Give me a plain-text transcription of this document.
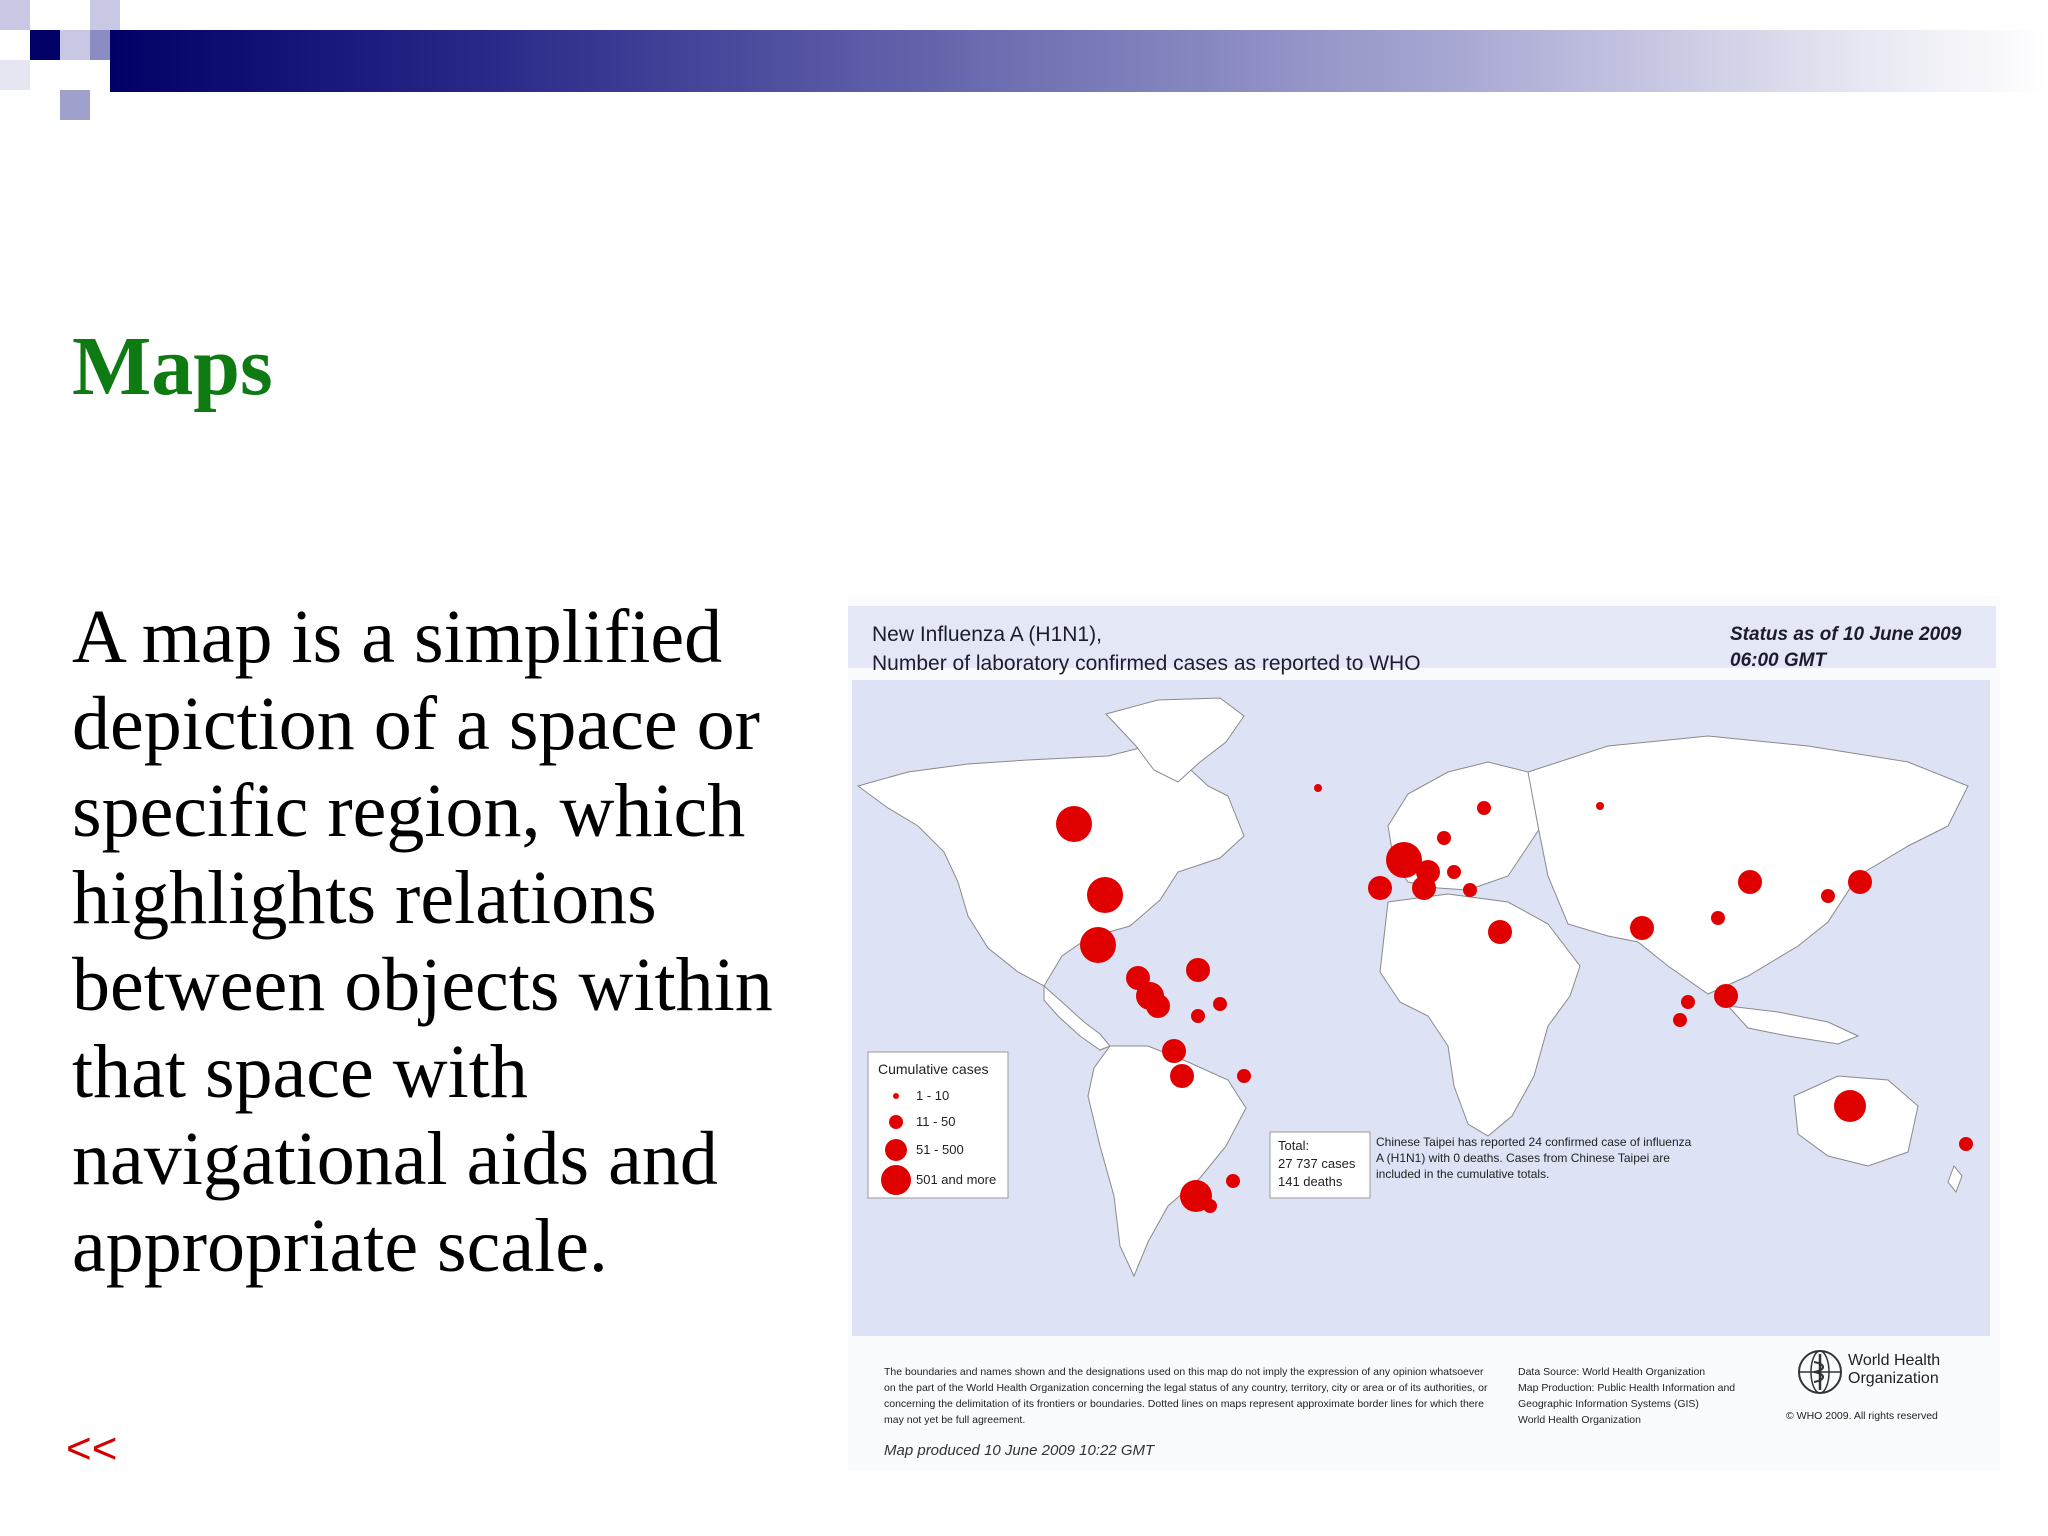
Maps

A map is a simplified depiction of a space or specific region, which highlights relations between objects within that space with navigational aids and appropriate scale.

<<
New Influenza A (H1N1),
Number of laboratory confirmed cases as reported to WHO
Status as of 10 June 2009
06:00 GMT
Cumulative cases
1 - 10
11 - 50
51 - 500
501 and more
Total:
27 737 cases
141 deaths
Chinese Taipei has reported 24 confirmed case of influenza A (H1N1) with 0 deaths. Cases from Chinese Taipei are included in the cumulative totals.
The boundaries and names shown and the designations used on this map do not imply the expression of any opinion whatsoever on the part of the World Health Organization concerning the legal status of any country, territory, city or area or of its authorities, or concerning the delimitation of its frontiers or boundaries. Dotted lines on maps represent approximate border lines for which there may not yet be full agreement.
Data Source: World Health Organization
Map Production: Public Health Information and Geographic Information Systems (GIS)
World Health Organization
World Health
Organization
© WHO 2009. All rights reserved
Map produced 10 June 2009 10:22 GMT
